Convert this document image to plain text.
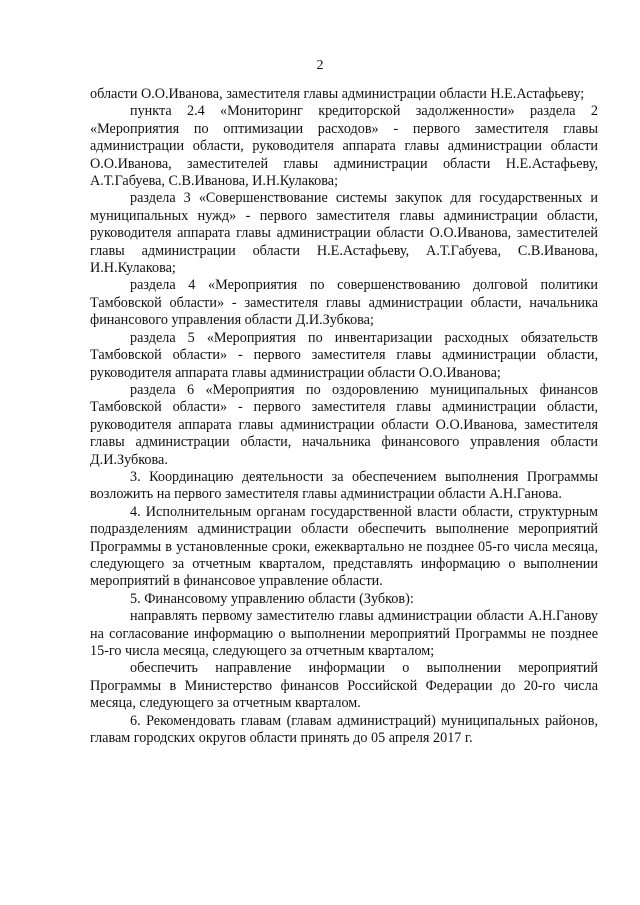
2

области О.О.Иванова, заместителя главы администрации области Н.Е.Астафьеву;

пункта 2.4 «Мониторинг кредиторской задолженности» раздела 2 «Мероприятия по оптимизации расходов» - первого заместителя главы администрации области, руководителя аппарата главы администрации области О.О.Иванова, заместителей главы администрации области Н.Е.Астафьеву, А.Т.Габуева, С.В.Иванова, И.Н.Кулакова;

раздела 3 «Совершенствование системы закупок для государственных и муниципальных нужд» - первого заместителя главы администрации области, руководителя аппарата главы администрации области О.О.Иванова, заместителей главы администрации области Н.Е.Астафьеву, А.Т.Габуева, С.В.Иванова, И.Н.Кулакова;

раздела 4 «Мероприятия по совершенствованию долговой политики Тамбовской области» - заместителя главы администрации области, начальника финансового управления области Д.И.Зубкова;

раздела 5 «Мероприятия по инвентаризации расходных обязательств Тамбовской области» - первого заместителя главы администрации области, руководителя аппарата главы администрации области О.О.Иванова;

раздела 6 «Мероприятия по оздоровлению муниципальных финансов Тамбовской области» - первого заместителя главы администрации области, руководителя аппарата главы администрации области О.О.Иванова, заместителя главы администрации области, начальника финансового управления области Д.И.Зубкова.

3. Координацию деятельности за обеспечением выполнения Программы возложить на первого заместителя главы администрации области А.Н.Ганова.

4. Исполнительным органам государственной власти области, структурным подразделениям администрации области обеспечить выполнение мероприятий Программы в установленные сроки, ежеквартально не позднее 05-го числа месяца, следующего за отчетным кварталом, представлять информацию о выполнении мероприятий в финансовое управление области.

5. Финансовому управлению области (Зубков):

направлять первому заместителю главы администрации области А.Н.Ганову на согласование информацию о выполнении мероприятий Программы не позднее 15-го числа месяца, следующего за отчетным кварталом;

обеспечить направление информации о выполнении мероприятий Программы в Министерство финансов Российской Федерации до 20-го числа месяца, следующего за отчетным кварталом.

6. Рекомендовать главам (главам администраций) муниципальных районов, главам городских округов области принять до 05 апреля 2017 г.
